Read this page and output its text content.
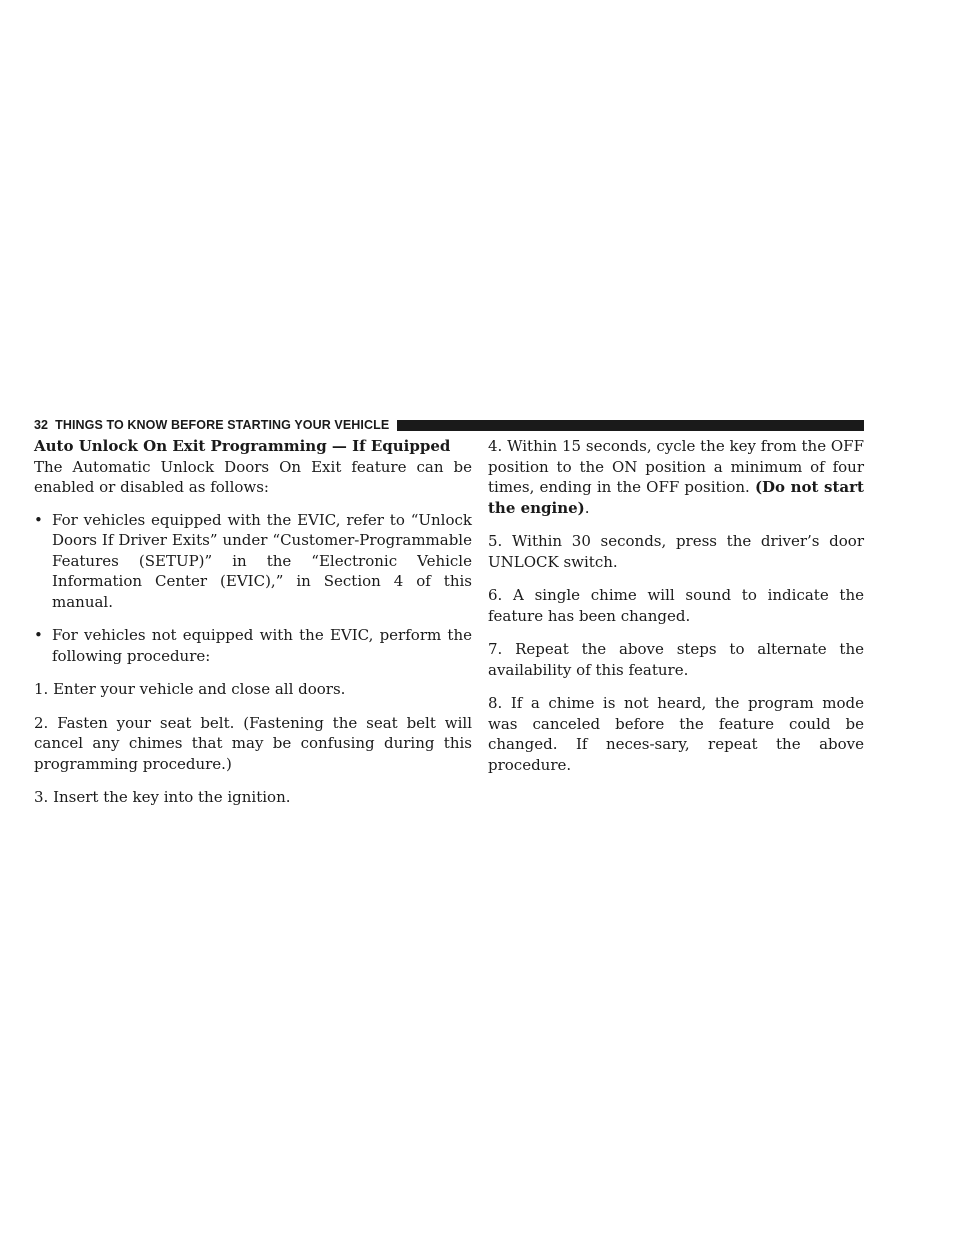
32 THINGS TO KNOW BEFORE STARTING YOUR VEHICLE
Auto Unlock On Exit Programming — If Equipped

The Automatic Unlock Doors On Exit feature can be enabled or disabled as follows:

• For vehicles equipped with the EVIC, refer to “Unlock Doors If Driver Exits” under “Customer-Programmable Features (SETUP)” in the “Electronic Vehicle Information Center (EVIC),” in Section 4 of this manual.
• For vehicles not equipped with the EVIC, perform the following procedure:

1. Enter your vehicle and close all doors.

2. Fasten your seat belt. (Fastening the seat belt will cancel any chimes that may be confusing during this programming procedure.)

3. Insert the key into the ignition.

4. Within 15 seconds, cycle the key from the OFF position to the ON position a minimum of four times, ending in the OFF position. (Do not start the engine).

5. Within 30 seconds, press the driver’s door UNLOCK switch.

6. A single chime will sound to indicate the feature has been changed.

7. Repeat the above steps to alternate the availability of this feature.

8. If a chime is not heard, the program mode was canceled before the feature could be changed. If neces-sary, repeat the above procedure.
